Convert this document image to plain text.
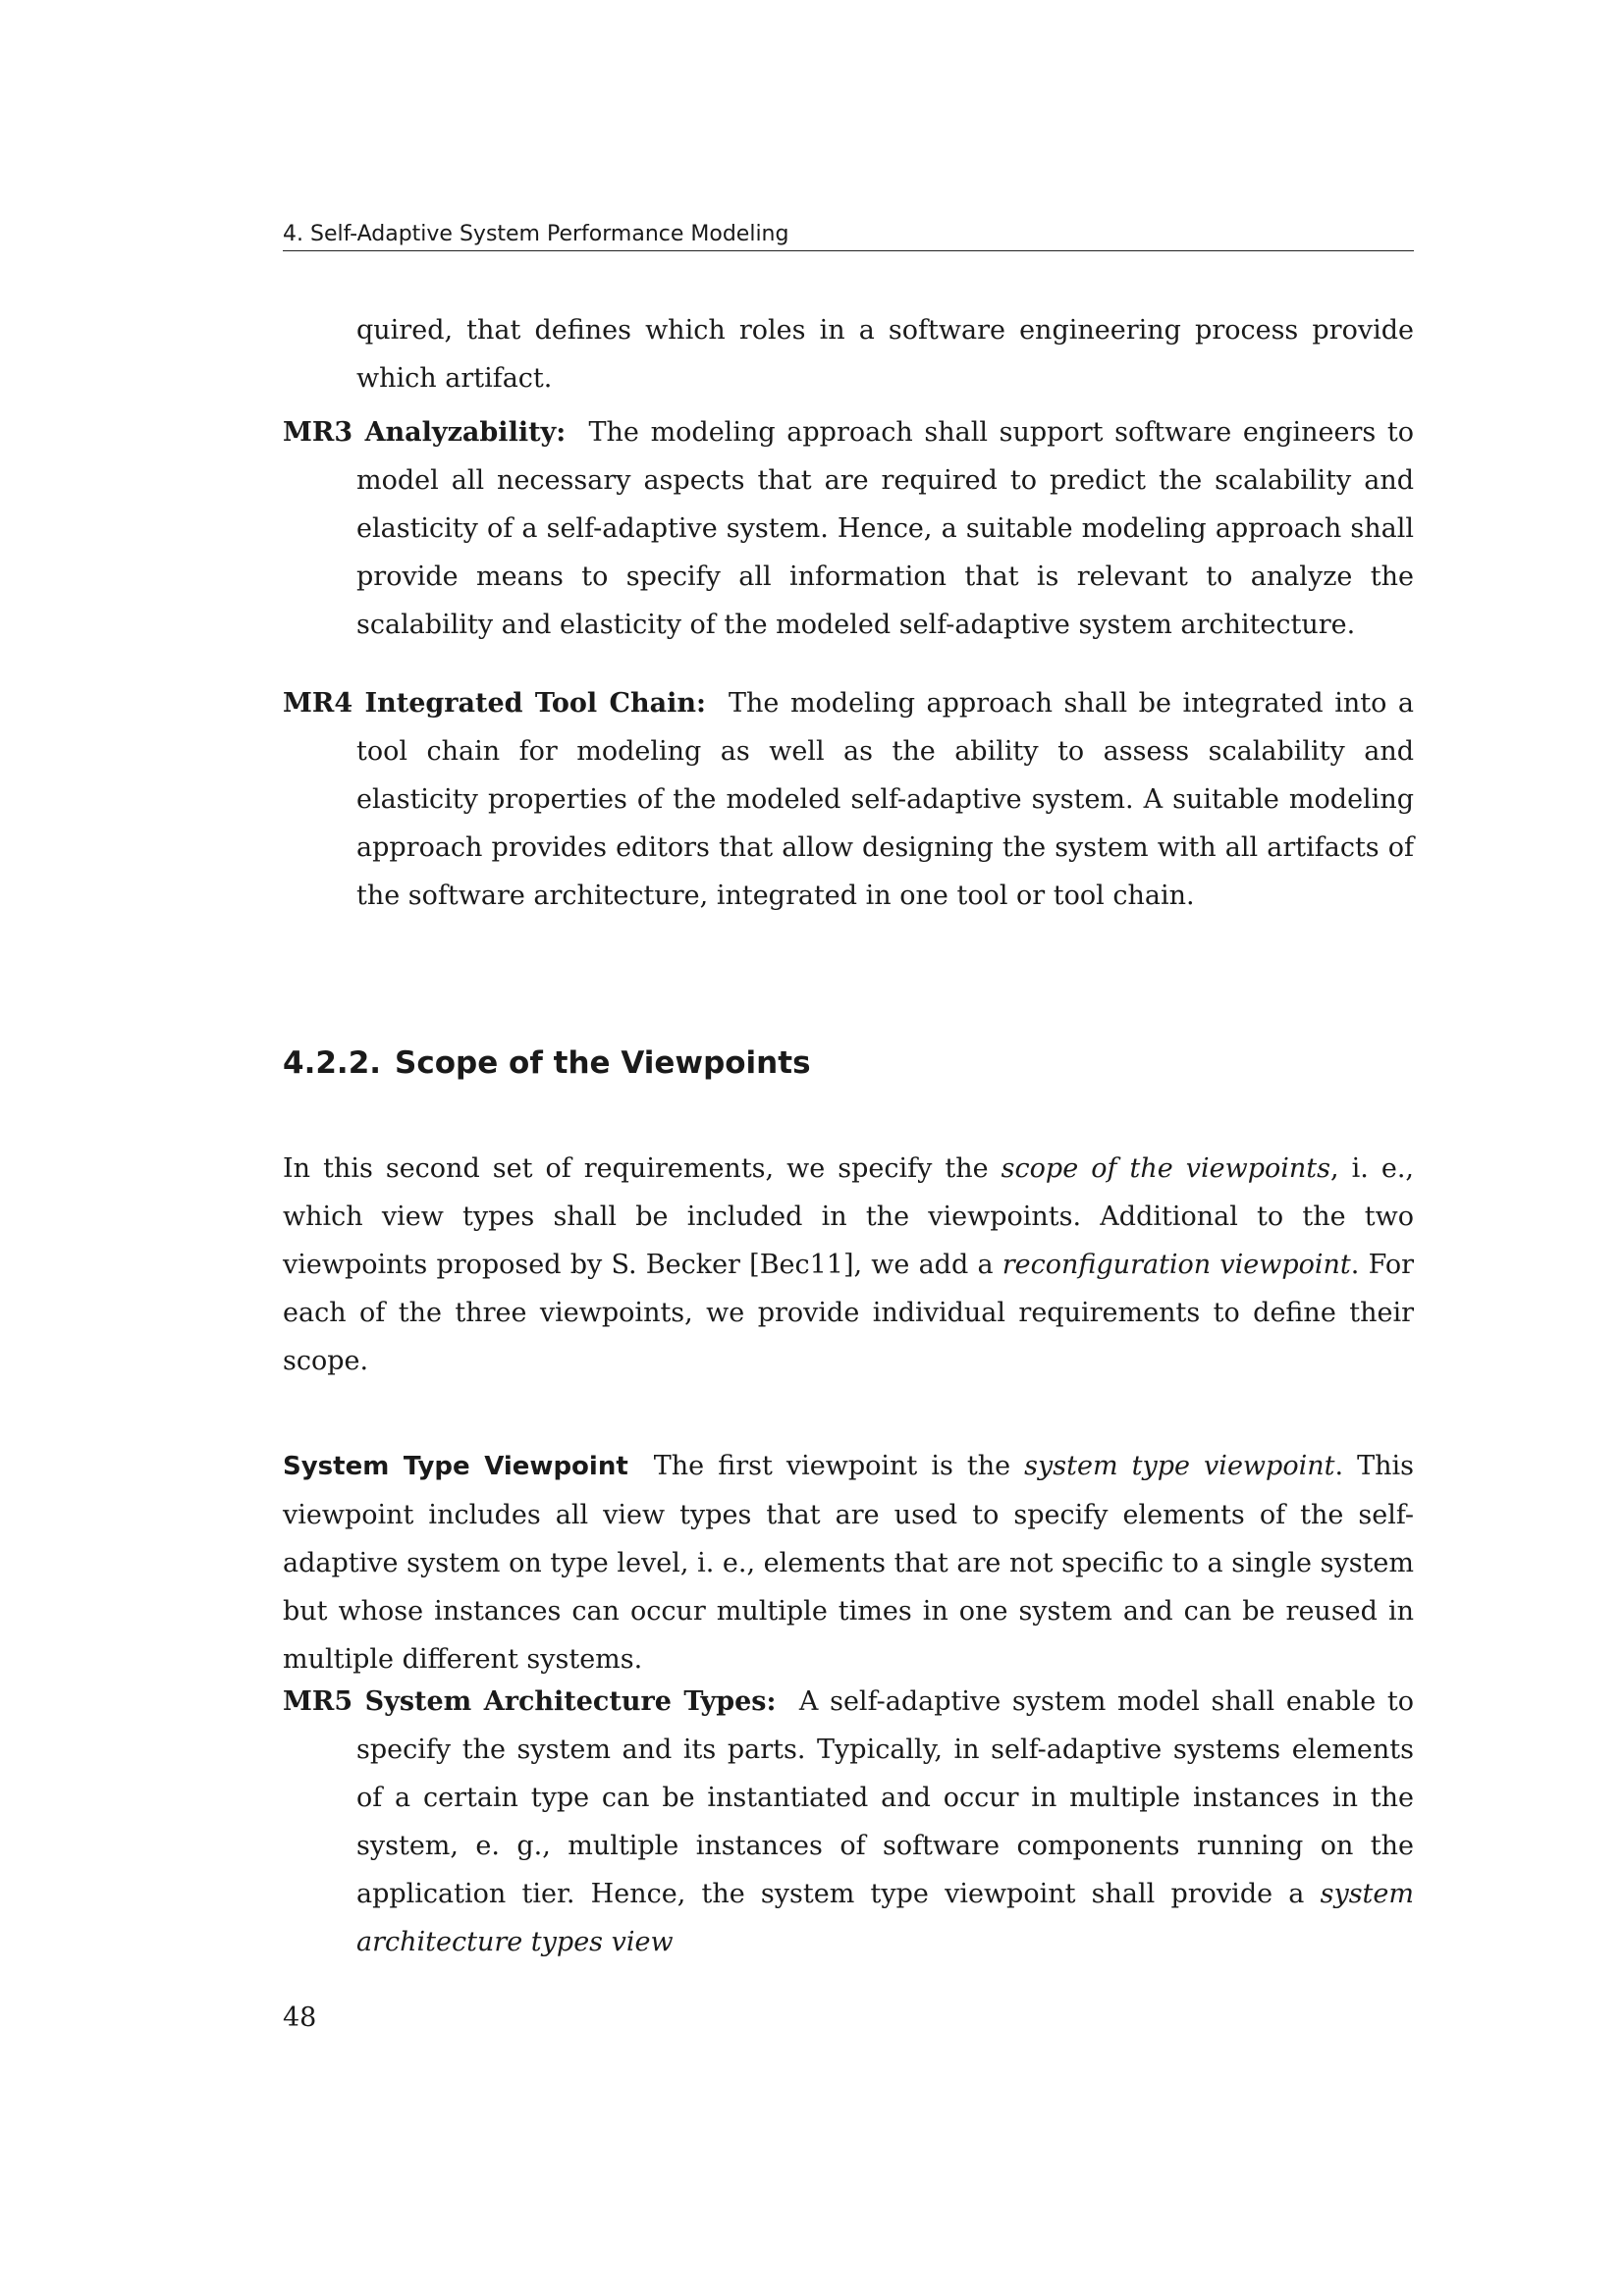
4. Self-Adaptive System Performance Modeling
quired, that defines which roles in a software engineering process provide which artifact.
MR3 Analyzability: The modeling approach shall support software engineers to model all necessary aspects that are required to predict the scalability and elasticity of a self-adaptive system. Hence, a suitable modeling approach shall provide means to specify all information that is relevant to analyze the scalability and elasticity of the modeled self-adaptive system architecture.
MR4 Integrated Tool Chain: The modeling approach shall be integrated into a tool chain for modeling as well as the ability to assess scalability and elasticity properties of the modeled self-adaptive system. A suitable modeling approach provides editors that allow designing the system with all artifacts of the software architecture, integrated in one tool or tool chain.
4.2.2. Scope of the Viewpoints
In this second set of requirements, we specify the scope of the viewpoints, i. e., which view types shall be included in the viewpoints. Additional to the two viewpoints proposed by S. Becker [Bec11], we add a reconfiguration viewpoint. For each of the three viewpoints, we provide individual requirements to define their scope.
System Type Viewpoint The first viewpoint is the system type viewpoint. This viewpoint includes all view types that are used to specify elements of the self-adaptive system on type level, i. e., elements that are not specific to a single system but whose instances can occur multiple times in one system and can be reused in multiple different systems.
MR5 System Architecture Types: A self-adaptive system model shall enable to specify the system and its parts. Typically, in self-adaptive systems elements of a certain type can be instantiated and occur in multiple instances in the system, e. g., multiple instances of software components running on the application tier. Hence, the system type viewpoint shall provide a system architecture types view
48
